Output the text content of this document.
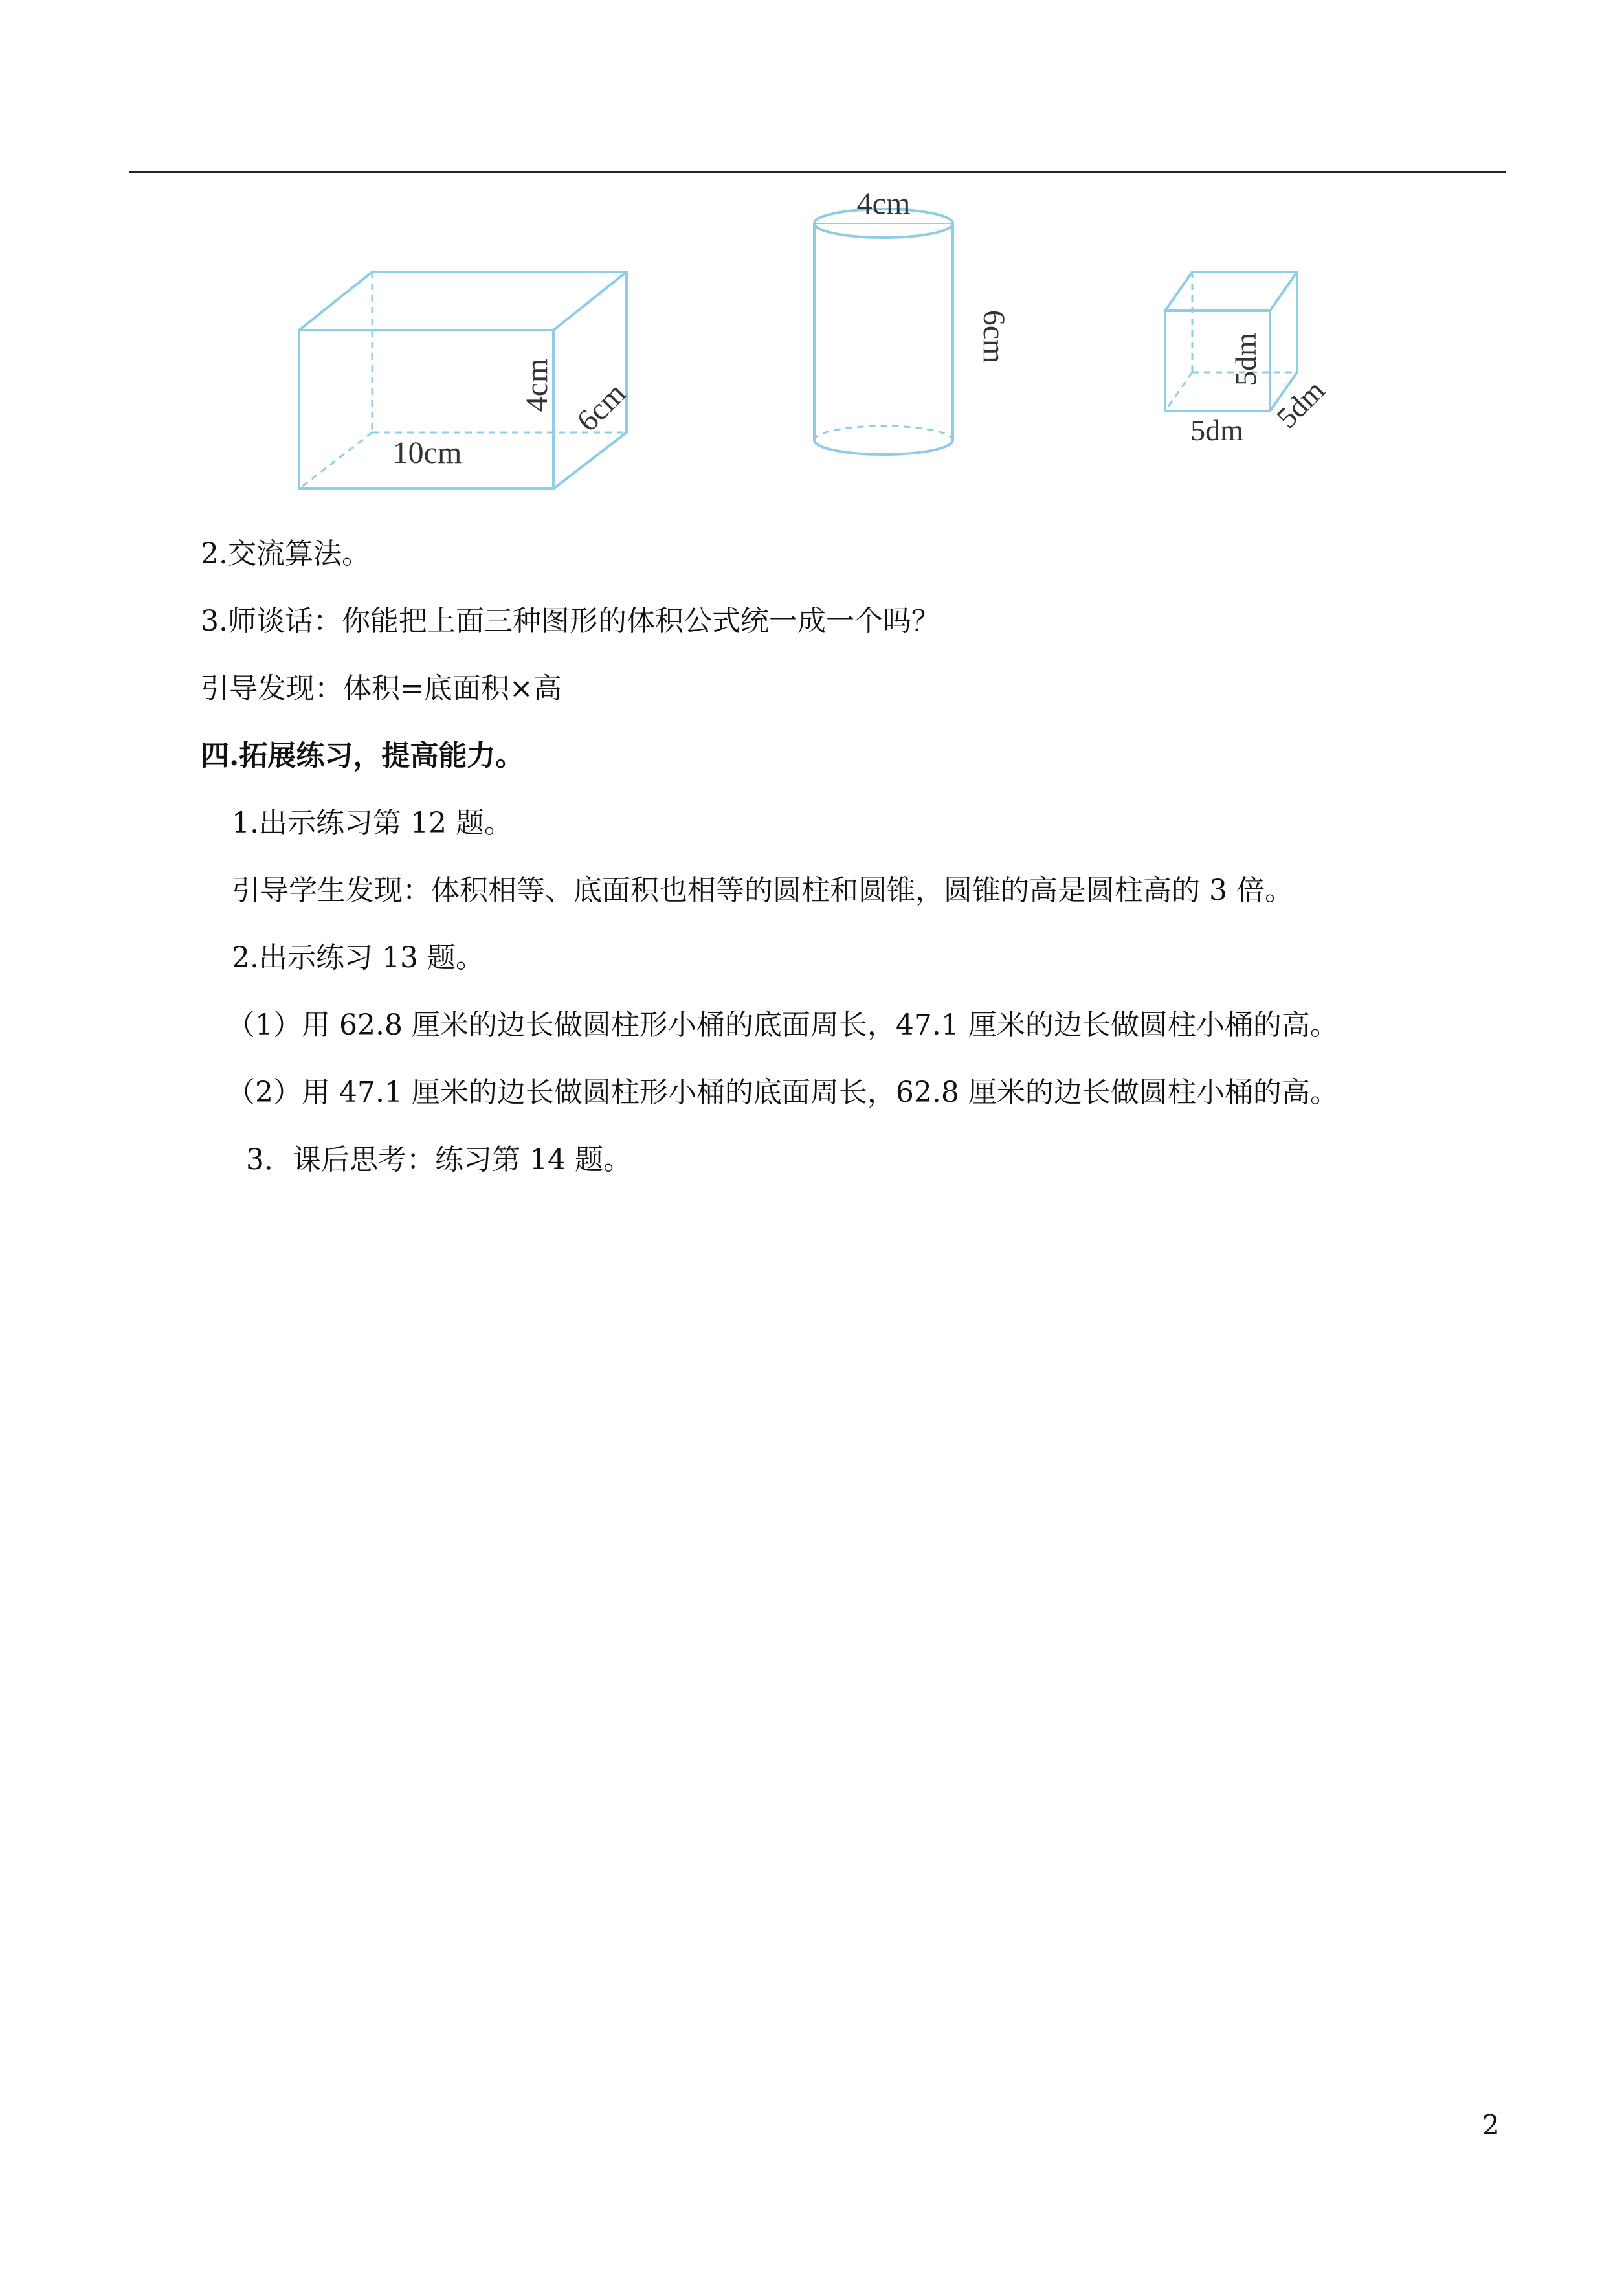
10cm
4cm 6cm
4cm
6cm	5dm
5dm 5dm
2.交流算法。
3.师谈话：你能把上面三种图形的体积公式统一成一个吗？
引导发现：体积=底面积×高
四.拓展练习，提高能力。
1.出示练习第 12 题。
引导学生发现：体积相等、底面积也相等的圆柱和圆锥，圆锥的高是圆柱高的 3 倍。
2.出示练习 13 题。
（1）用 62.8 厘米的边长做圆柱形小桶的底面周长，47.1 厘米的边长做圆柱小桶的高。
（2）用 47.1 厘米的边长做圆柱形小桶的底面周长，62.8 厘米的边长做圆柱小桶的高。
3．课后思考：练习第 14 题。
2
